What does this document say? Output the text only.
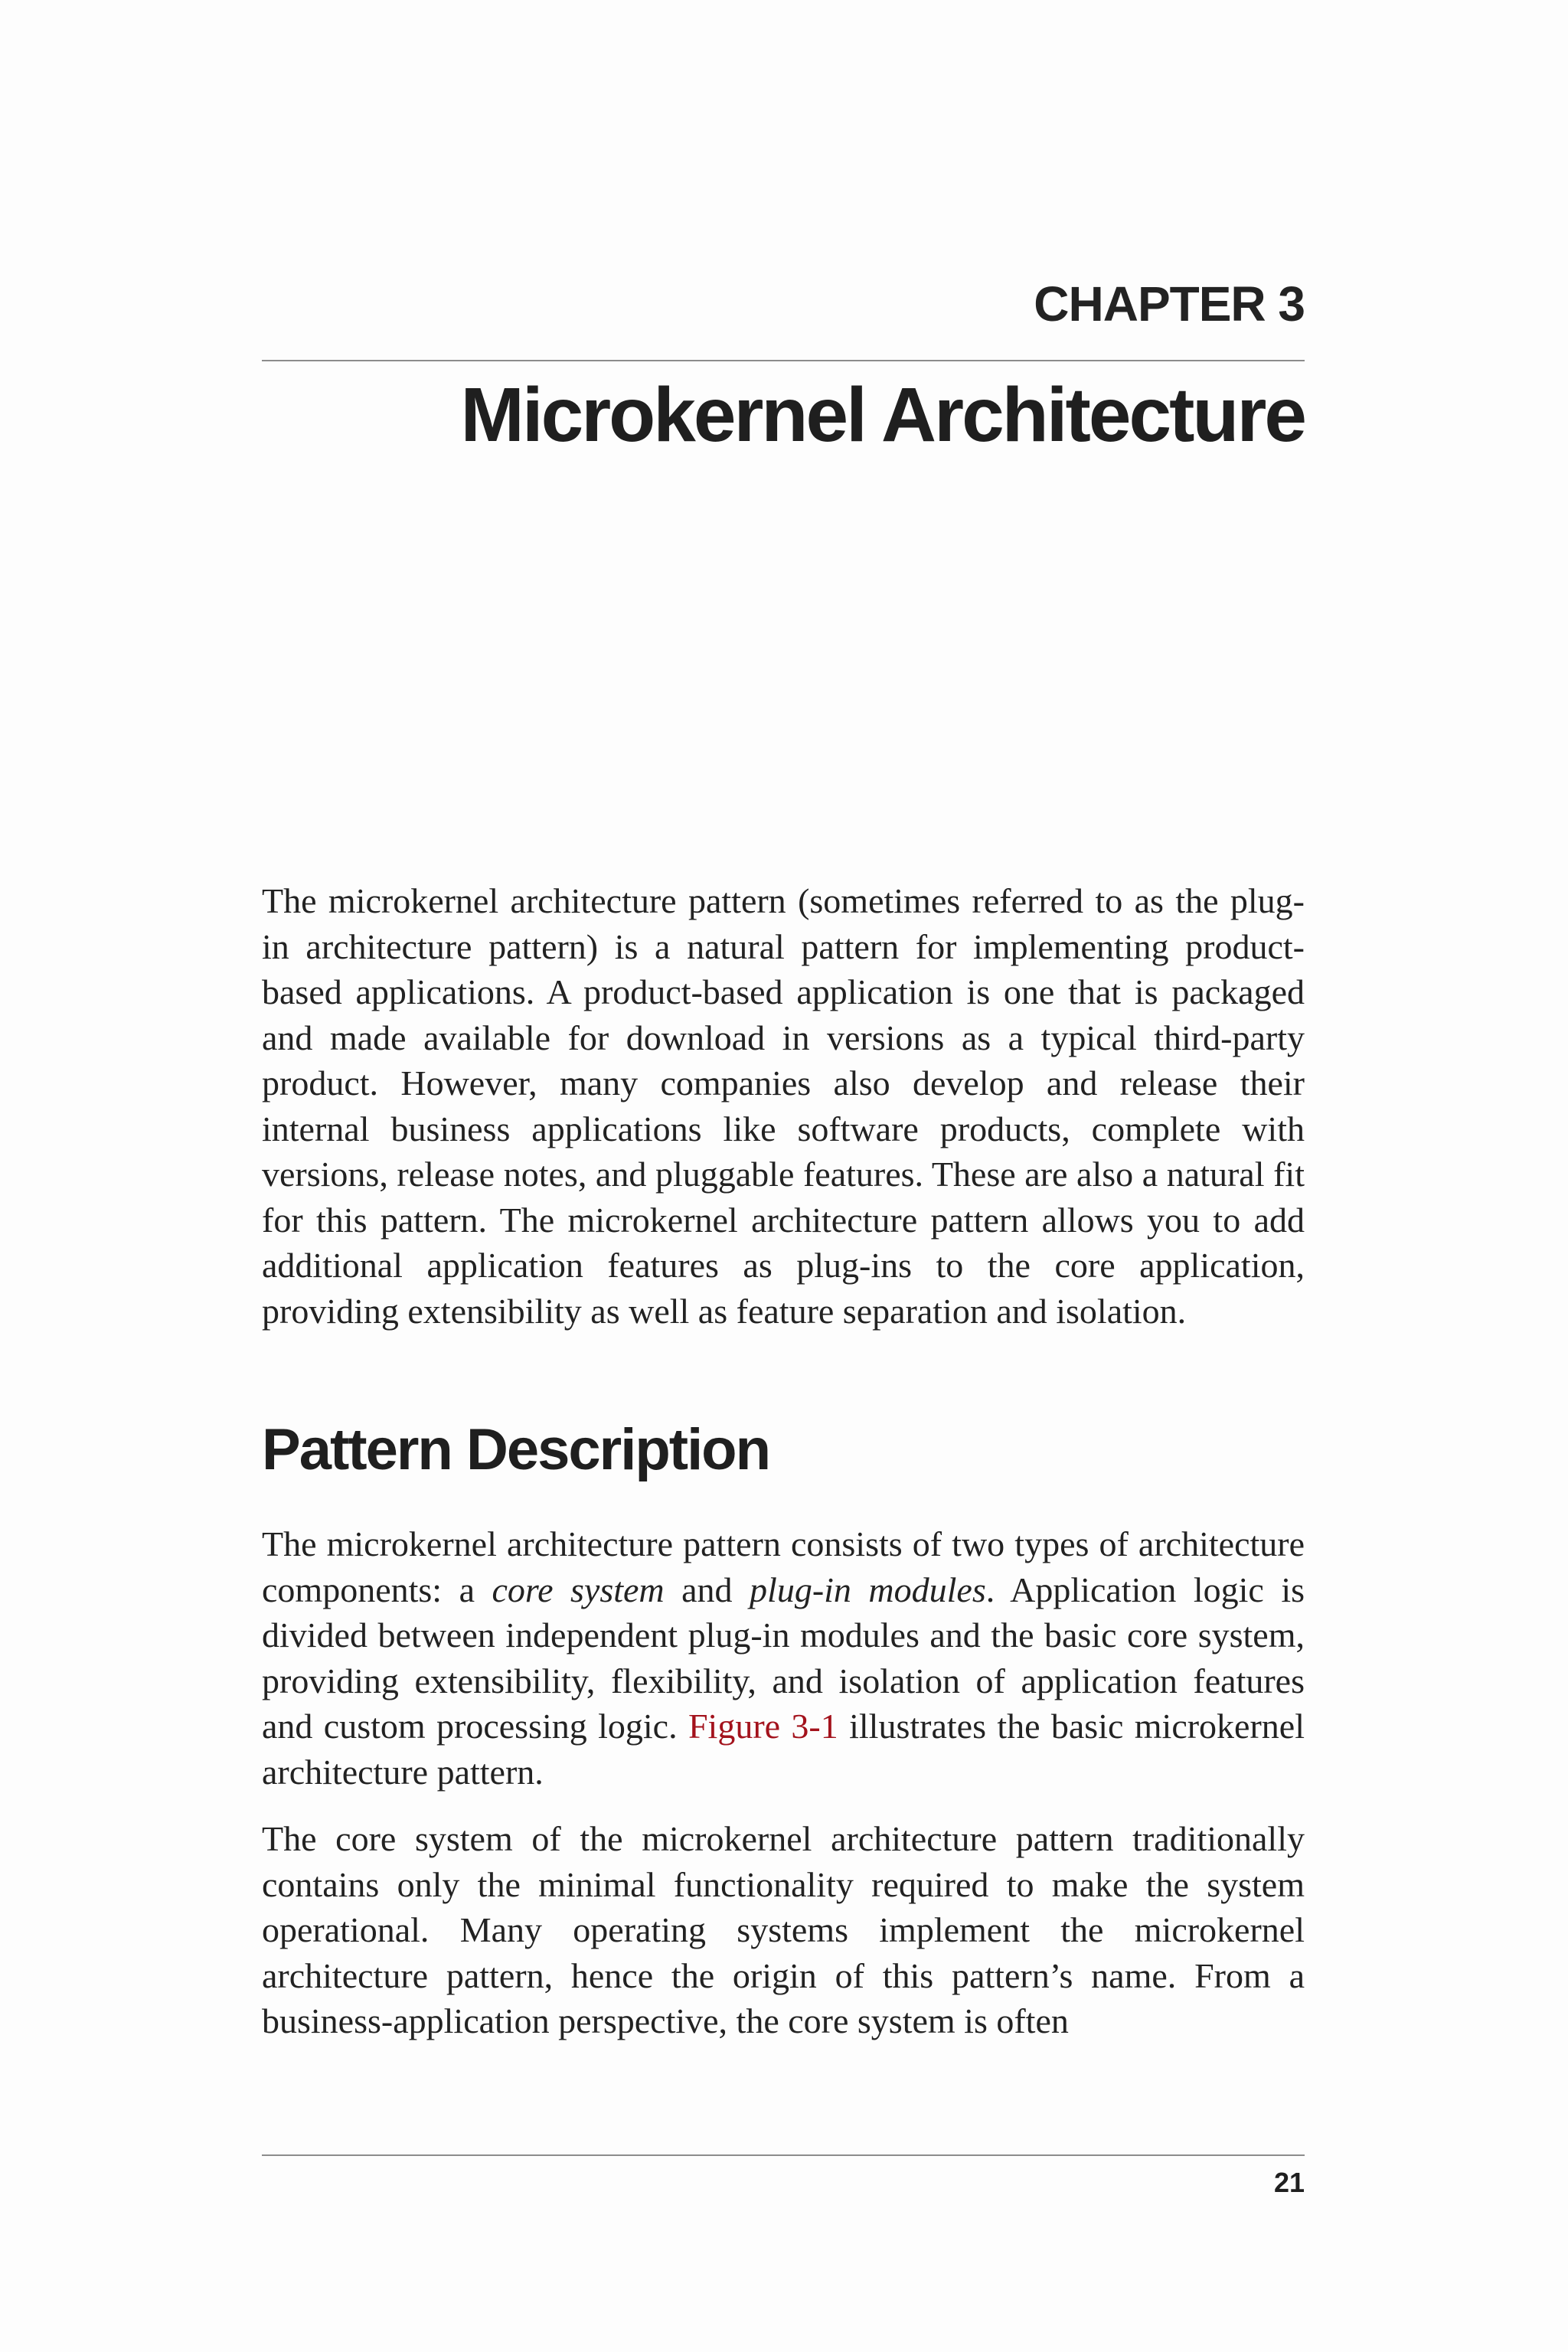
CHAPTER 3
Microkernel Architecture

The microkernel architecture pattern (sometimes referred to as the plug-in architecture pattern) is a natural pattern for implementing product-based applications. A product-based application is one that is packaged and made available for download in versions as a typical third-party product. However, many companies also develop and release their internal business applications like software products, complete with versions, release notes, and pluggable features. These are also a natural fit for this pattern. The microkernel architecture pattern allows you to add additional application features as plug-ins to the core application, providing extensibility as well as feature separation and isolation.

Pattern Description

The microkernel architecture pattern consists of two types of architecture components: a core system and plug-in modules. Application logic is divided between independent plug-in modules and the basic core system, providing extensibility, flexibility, and isolation of application features and custom processing logic. Figure 3-1 illustrates the basic microkernel architecture pattern.

The core system of the microkernel architecture pattern traditionally contains only the minimal functionality required to make the system operational. Many operating systems implement the microkernel architecture pattern, hence the origin of this pattern’s name. From a business-application perspective, the core system is often

21
